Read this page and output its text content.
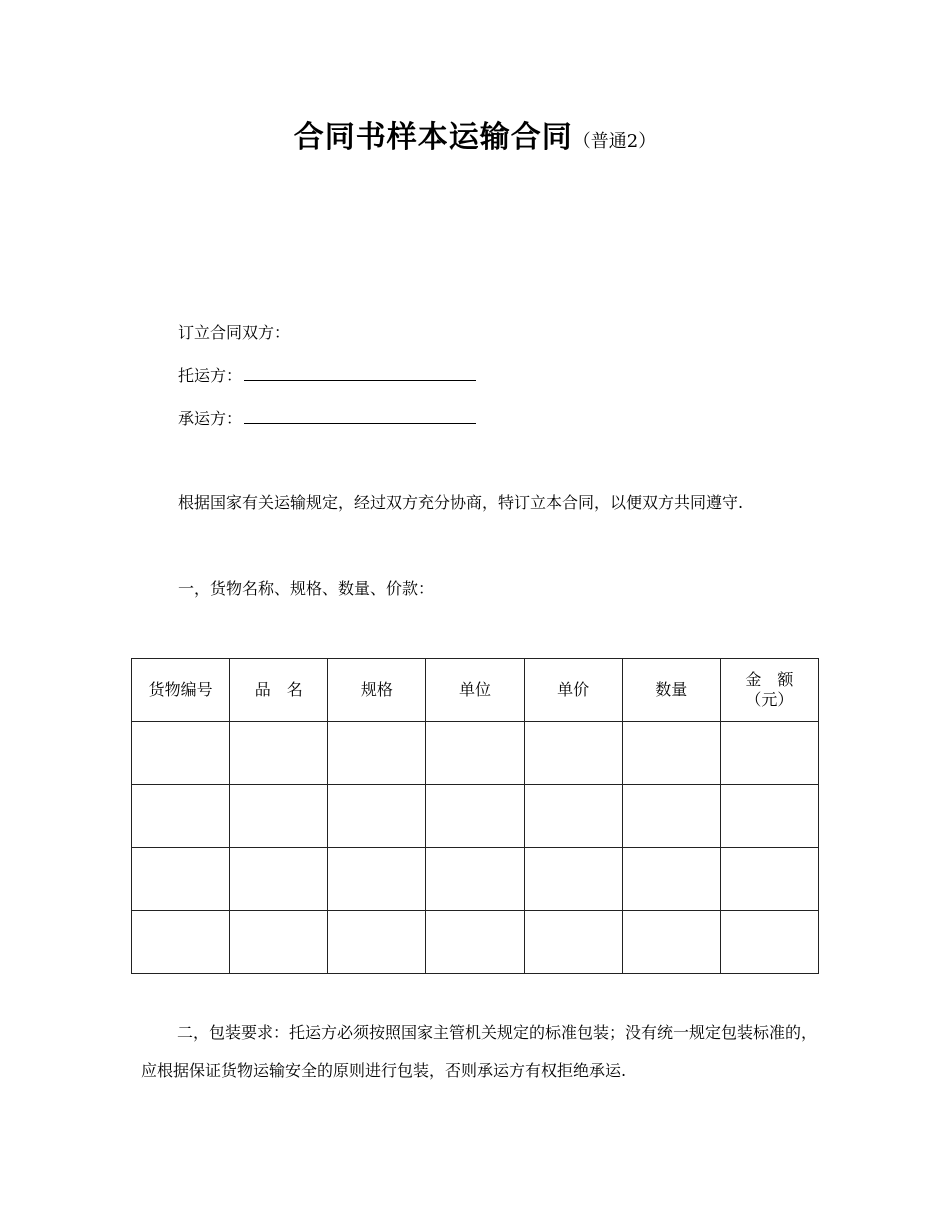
合同书样本运输合同（普通2）
订立合同双方：
托运方：
承运方：
根据国家有关运输规定，经过双方充分协商，特订立本合同，以便双方共同遵守.
一，货物名称、规格、数量、价款：
货物编号	品　名	规格	单位	单价	数量	金　额
（元）

二，包装要求：托运方必须按照国家主管机关规定的标准包装；没有统一规定包装标准的，应根据保证货物运输安全的原则进行包装，否则承运方有权拒绝承运.
